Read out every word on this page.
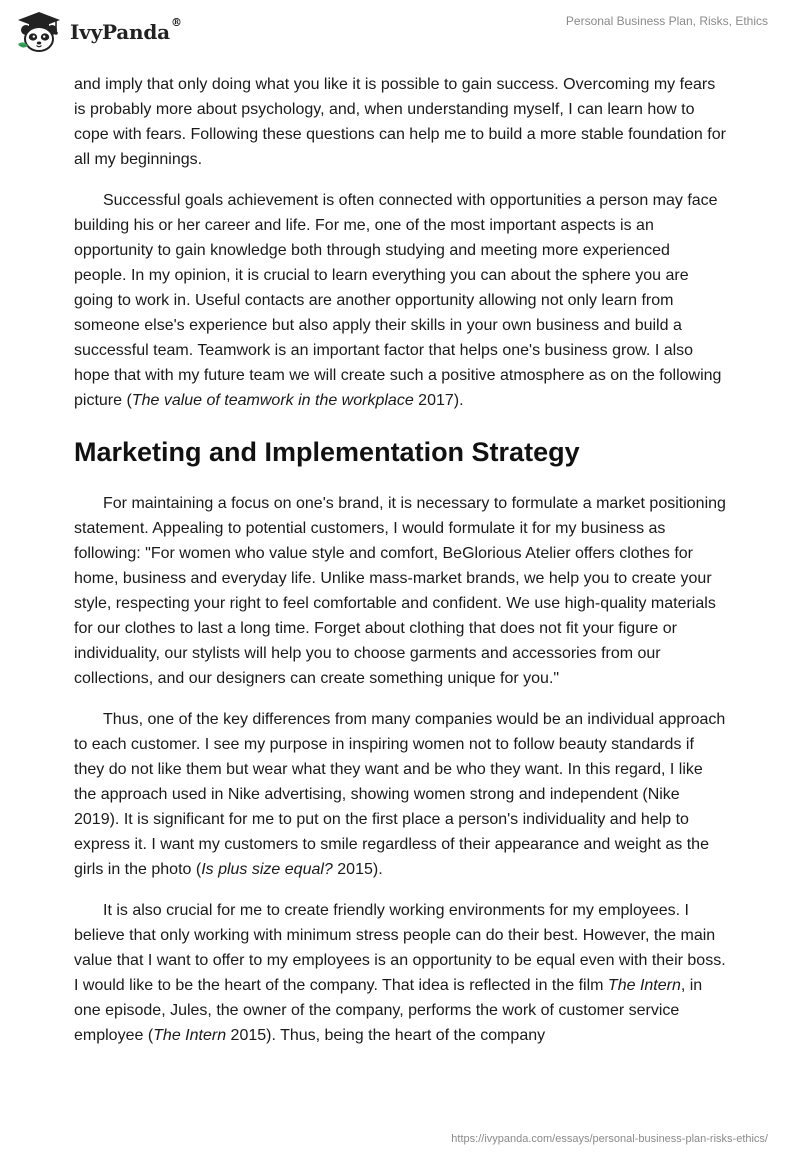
IvyPanda®	Personal Business Plan, Risks, Ethics

and imply that only doing what you like it is possible to gain success. Overcoming my fears is probably more about psychology, and, when understanding myself, I can learn how to cope with fears. Following these questions can help me to build a more stable foundation for all my beginnings.

Successful goals achievement is often connected with opportunities a person may face building his or her career and life. For me, one of the most important aspects is an opportunity to gain knowledge both through studying and meeting more experienced people. In my opinion, it is crucial to learn everything you can about the sphere you are going to work in. Useful contacts are another opportunity allowing not only learn from someone else's experience but also apply their skills in your own business and build a successful team. Teamwork is an important factor that helps one's business grow. I also hope that with my future team we will create such a positive atmosphere as on the following picture (The value of teamwork in the workplace 2017).

Marketing and Implementation Strategy

For maintaining a focus on one's brand, it is necessary to formulate a market positioning statement. Appealing to potential customers, I would formulate it for my business as following: "For women who value style and comfort, BeGlorious Atelier offers clothes for home, business and everyday life. Unlike mass-market brands, we help you to create your style, respecting your right to feel comfortable and confident. We use high-quality materials for our clothes to last a long time. Forget about clothing that does not fit your figure or individuality, our stylists will help you to choose garments and accessories from our collections, and our designers can create something unique for you."

Thus, one of the key differences from many companies would be an individual approach to each customer. I see my purpose in inspiring women not to follow beauty standards if they do not like them but wear what they want and be who they want. In this regard, I like the approach used in Nike advertising, showing women strong and independent (Nike 2019). It is significant for me to put on the first place a person's individuality and help to express it. I want my customers to smile regardless of their appearance and weight as the girls in the photo (Is plus size equal? 2015).

It is also crucial for me to create friendly working environments for my employees. I believe that only working with minimum stress people can do their best. However, the main value that I want to offer to my employees is an opportunity to be equal even with their boss. I would like to be the heart of the company. That idea is reflected in the film The Intern, in one episode, Jules, the owner of the company, performs the work of customer service employee (The Intern 2015). Thus, being the heart of the company

https://ivypanda.com/essays/personal-business-plan-risks-ethics/
